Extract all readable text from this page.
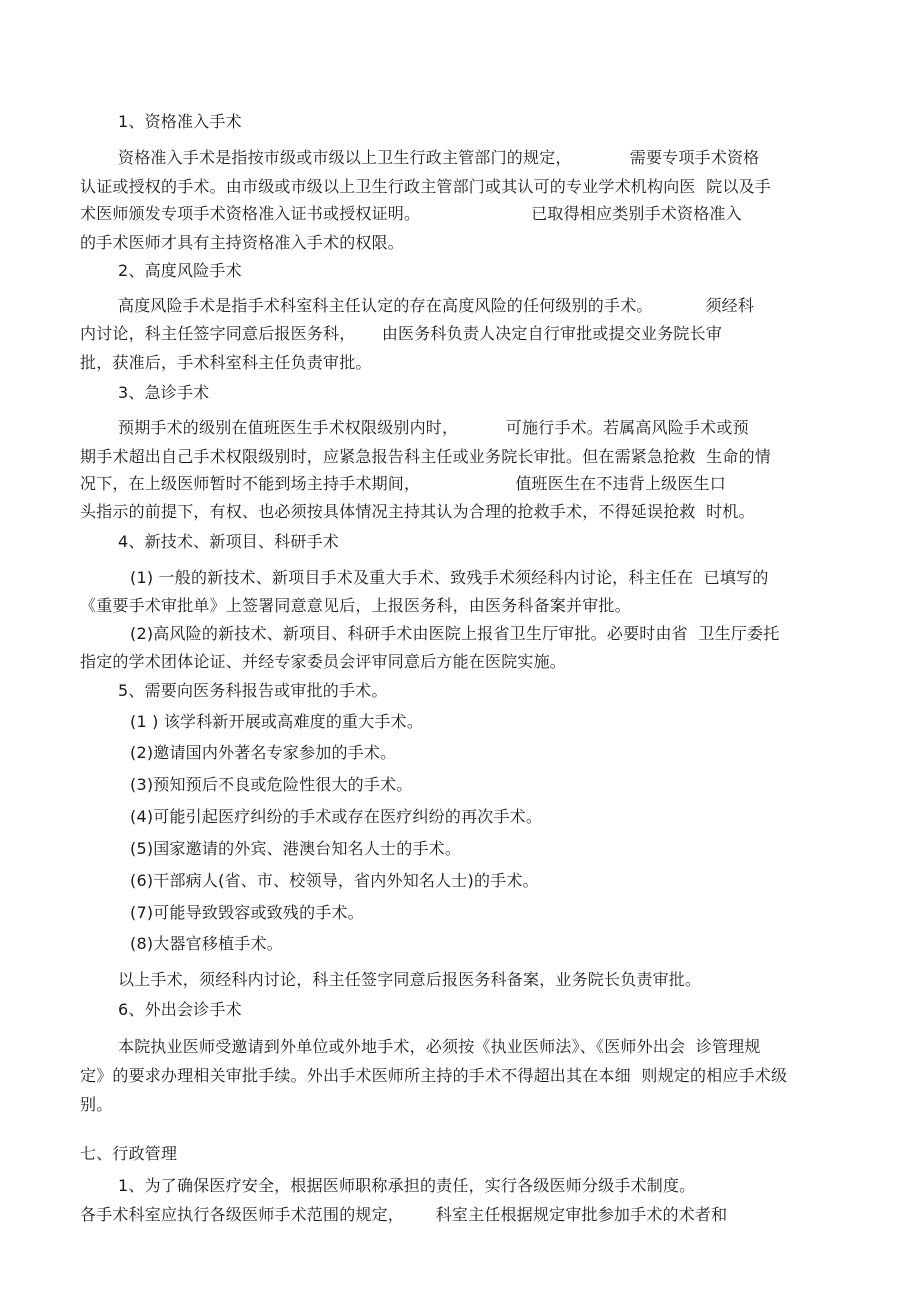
1、资格准入手术
资格准入手术是指按市级或市级以上卫生行政主管部门的规定，           需要专项手术资格
认证或授权的手术。由市级或市级以上卫生行政主管部门或其认可的专业学术机构向医  院以及手
术医师颁发专项手术资格准入证书或授权证明。                     已取得相应类别手术资格准入
的手术医师才具有主持资格准入手术的权限。
2、高度风险手术
高度风险手术是指手术科室科主任认定的存在高度风险的任何级别的手术。          须经科
内讨论，科主任签字同意后报医务科，     由医务科负责人决定自行审批或提交业务院长审
批，获准后，手术科室科主任负责审批。
3、急诊手术
预期手术的级别在值班医生手术权限级别内时，         可施行手术。若属高风险手术或预
期手术超出自己手术权限级别时，应紧急报告科主任或业务院长审批。但在需紧急抢救  生命的情
况下，在上级医师暂时不能到场主持手术期间，                  值班医生在不违背上级医生口
头指示的前提下，有权、也必须按具体情况主持其认为合理的抢救手术，不得延误抢救  时机。
4、新技术、新项目、科研手术
(1) 一般的新技术、新项目手术及重大手术、致残手术须经科内讨论，科主任在  已填写的
《重要手术审批单》上签署同意意见后，上报医务科，由医务科备案并审批。
(2)高风险的新技术、新项目、科研手术由医院上报省卫生厅审批。必要时由省  卫生厅委托
指定的学术团体论证、并经专家委员会评审同意后方能在医院实施。
5、需要向医务科报告或审批的手术。
(1 ) 该学科新开展或高难度的重大手术。
(2)邀请国内外著名专家参加的手术。
(3)预知预后不良或危险性很大的手术。
(4)可能引起医疗纠纷的手术或存在医疗纠纷的再次手术。
(5)国家邀请的外宾、港澳台知名人士的手术。
(6)干部病人(省、市、校领导，省内外知名人士)的手术。
(7)可能导致毁容或致残的手术。
(8)大器官移植手术。
以上手术，须经科内讨论，科主任签字同意后报医务科备案，业务院长负责审批。
6、外出会诊手术
本院执业医师受邀请到外单位或外地手术，必须按《执业医师法》、《医师外出会  诊管理规
定》的要求办理相关审批手续。外出手术医师所主持的手术不得超出其在本细  则规定的相应手术级
别。
七、行政管理
1、为了确保医疗安全，根据医师职称承担的责任，实行各级医师分级手术制度。
各手术科室应执行各级医师手术范围的规定，      科室主任根据规定审批参加手术的术者和
